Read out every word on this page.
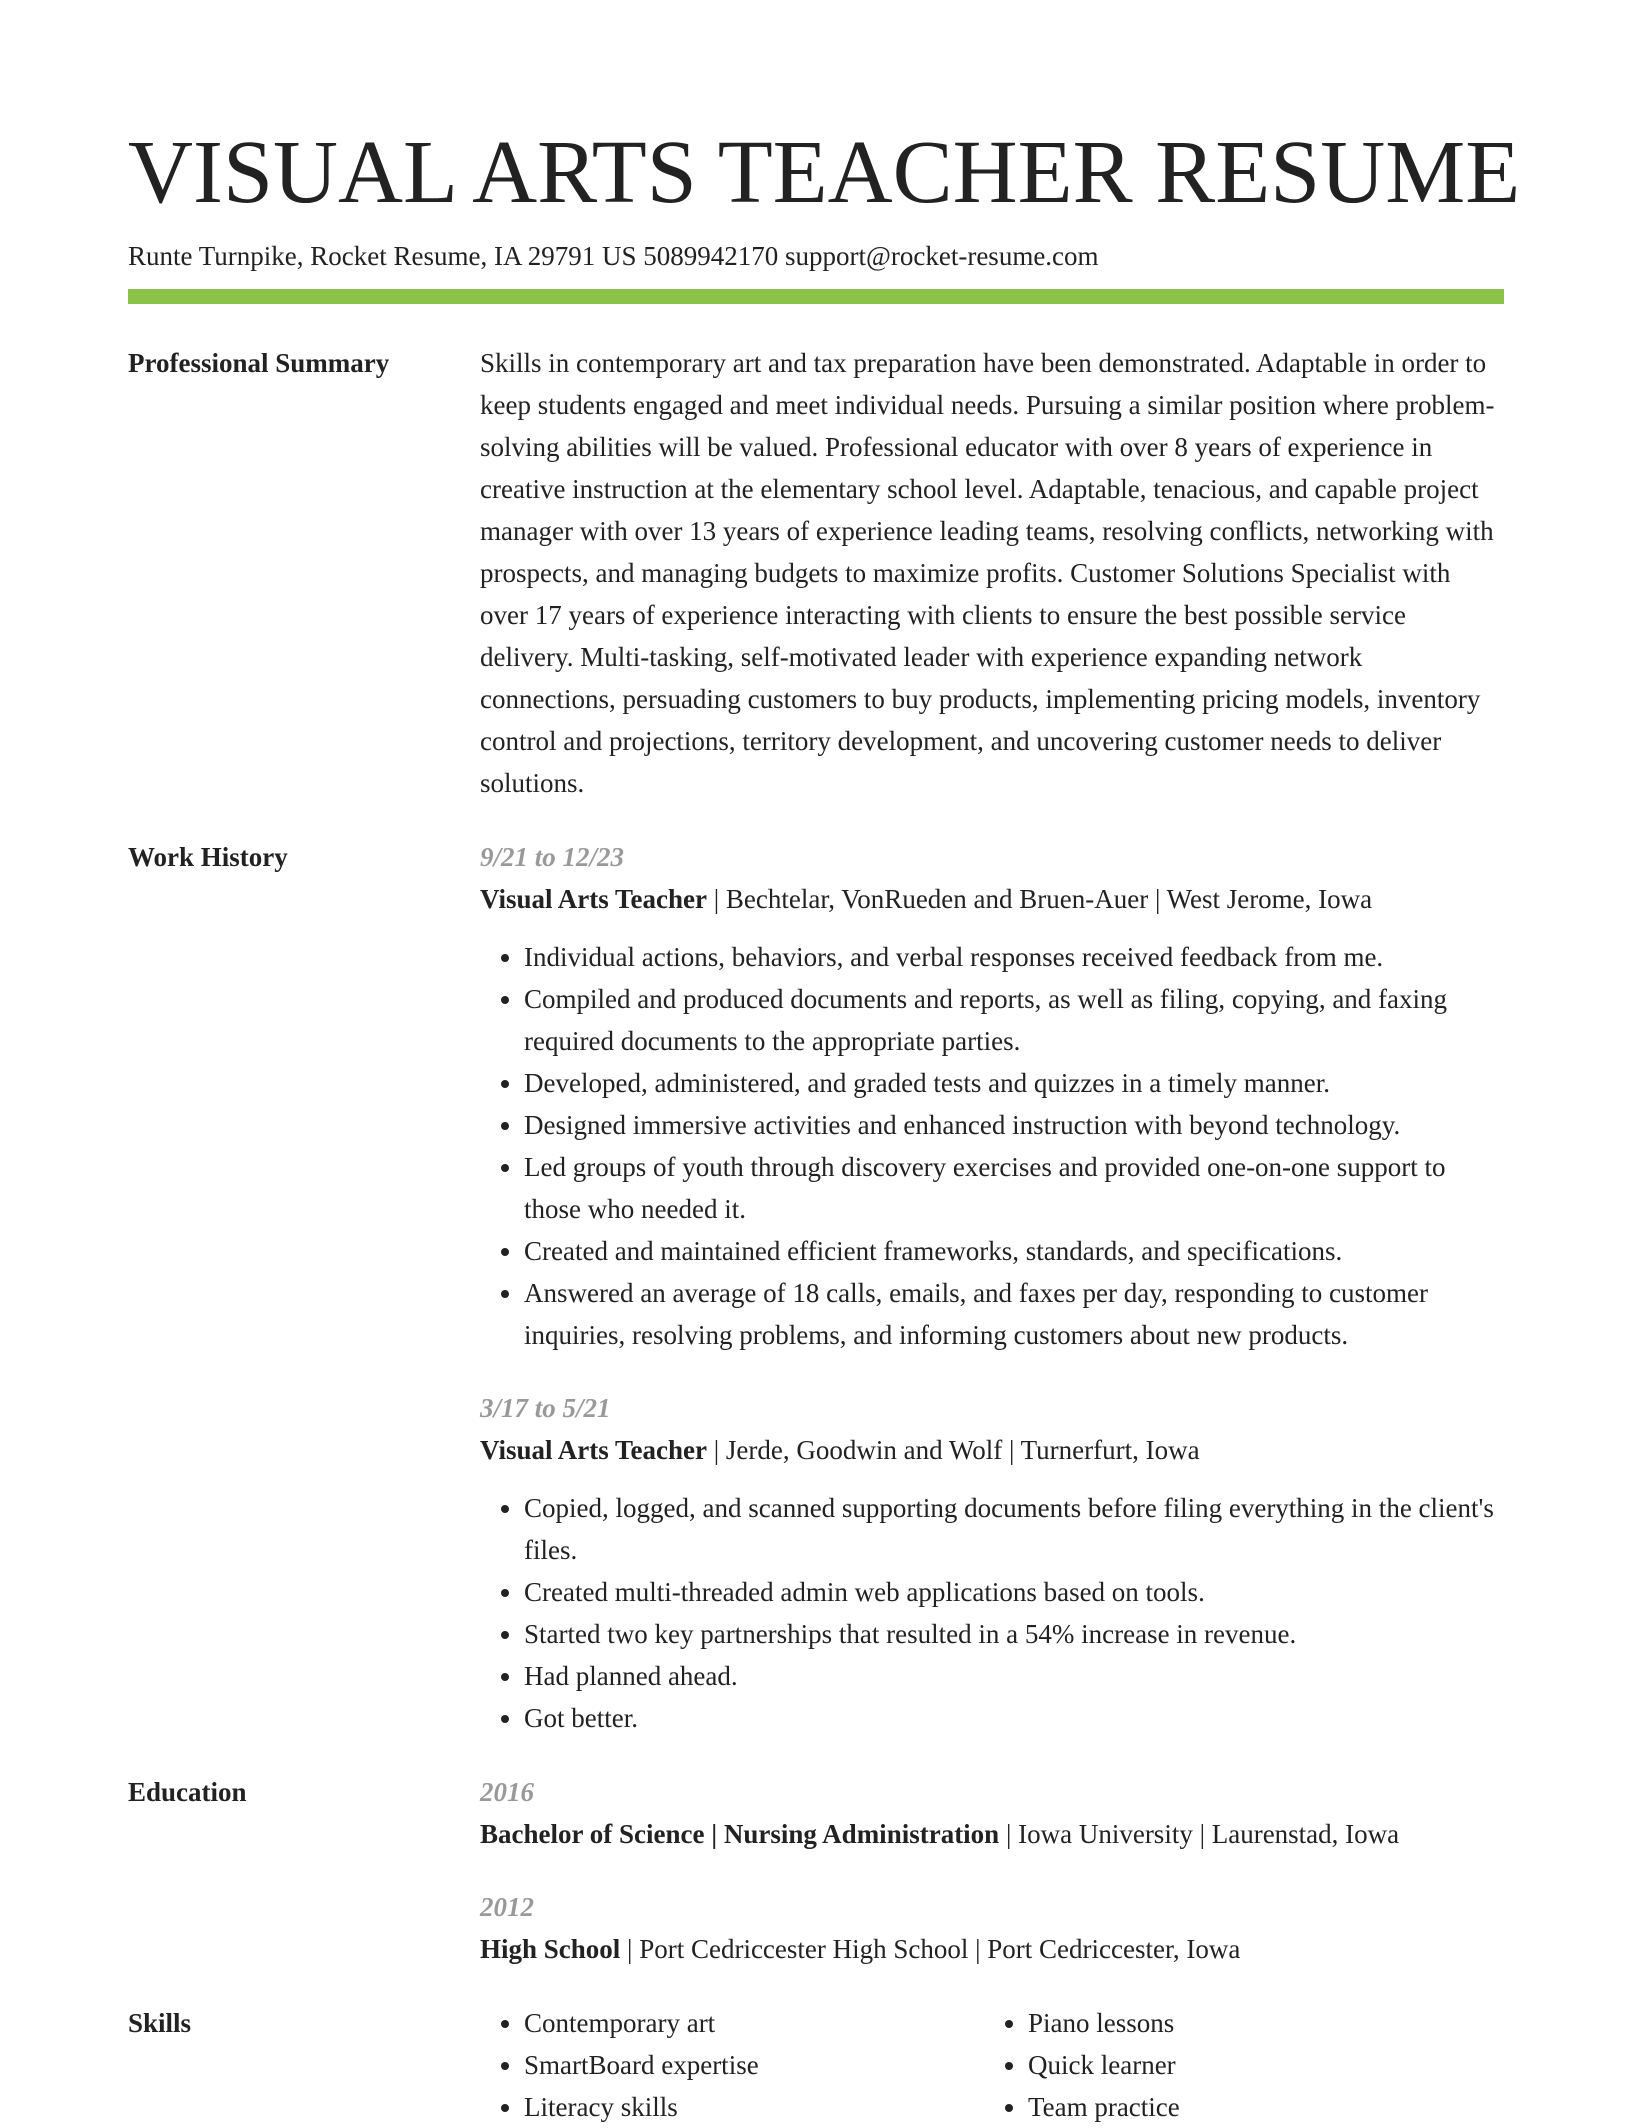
VISUAL ARTS TEACHER RESUME
Runte Turnpike, Rocket Resume, IA 29791 US 5089942170 support@rocket-resume.com
Professional Summary	Skills in contemporary art and tax preparation have been demonstrated. Adaptable in order to keep students engaged and meet individual needs. Pursuing a similar position where problem-solving abilities will be valued. Professional educator with over 8 years of experience in creative instruction at the elementary school level. Adaptable, tenacious, and capable project manager with over 13 years of experience leading teams, resolving conflicts, networking with prospects, and managing budgets to maximize profits. Customer Solutions Specialist with over 17 years of experience interacting with clients to ensure the best possible service delivery. Multi-tasking, self-motivated leader with experience expanding network connections, persuading customers to buy products, implementing pricing models, inventory control and projections, territory development, and uncovering customer needs to deliver solutions.

Work History	9/21 to 12/23
Visual Arts Teacher | Bechtelar, VonRueden and Bruen-Auer | West Jerome, Iowa
• Individual actions, behaviors, and verbal responses received feedback from me.
• Compiled and produced documents and reports, as well as filing, copying, and faxing required documents to the appropriate parties.
• Developed, administered, and graded tests and quizzes in a timely manner.
• Designed immersive activities and enhanced instruction with beyond technology.
• Led groups of youth through discovery exercises and provided one-on-one support to those who needed it.
• Created and maintained efficient frameworks, standards, and specifications.
• Answered an average of 18 calls, emails, and faxes per day, responding to customer inquiries, resolving problems, and informing customers about new products.
3/17 to 5/21
Visual Arts Teacher | Jerde, Goodwin and Wolf | Turnerfurt, Iowa
• Copied, logged, and scanned supporting documents before filing everything in the client's files.
• Created multi-threaded admin web applications based on tools.
• Started two key partnerships that resulted in a 54% increase in revenue.
• Had planned ahead.
• Got better.
Education	2016
Bachelor of Science | Nursing Administration | Iowa University | Laurenstad, Iowa
2012
High School | Port Cedriccester High School | Port Cedriccester, Iowa
Skills
•	Contemporary art
• SmartBoard expertise
• Literacy skills
• Piano lessons
• Quick learner
• Team practice
